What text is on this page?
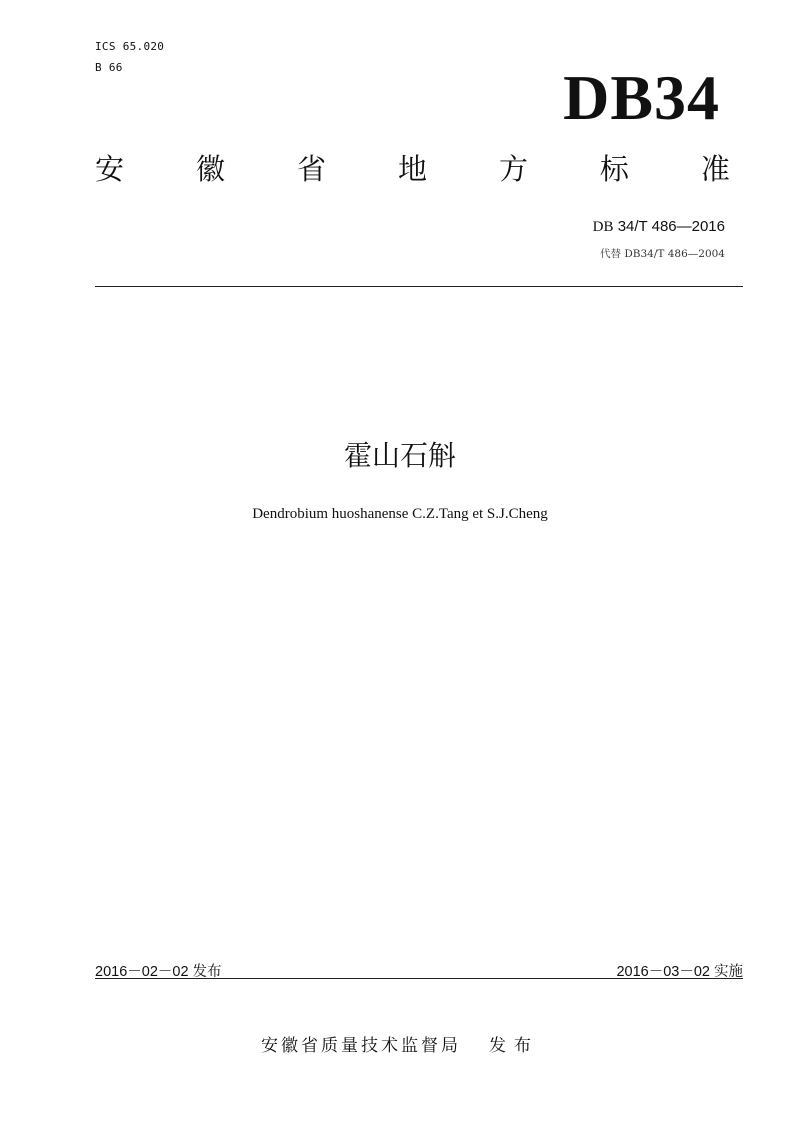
ICS 65.020
B 66	DB34
安 徽 省 地 方 标 准
DB 34/T 486—2016
代替 DB34/T 486—2004
霍山石斛
Dendrobium huoshanense C.Z.Tang et S.J.Cheng
2016－02－02 发布	2016－03－02 实施
安徽省质量技术监督局 发布
